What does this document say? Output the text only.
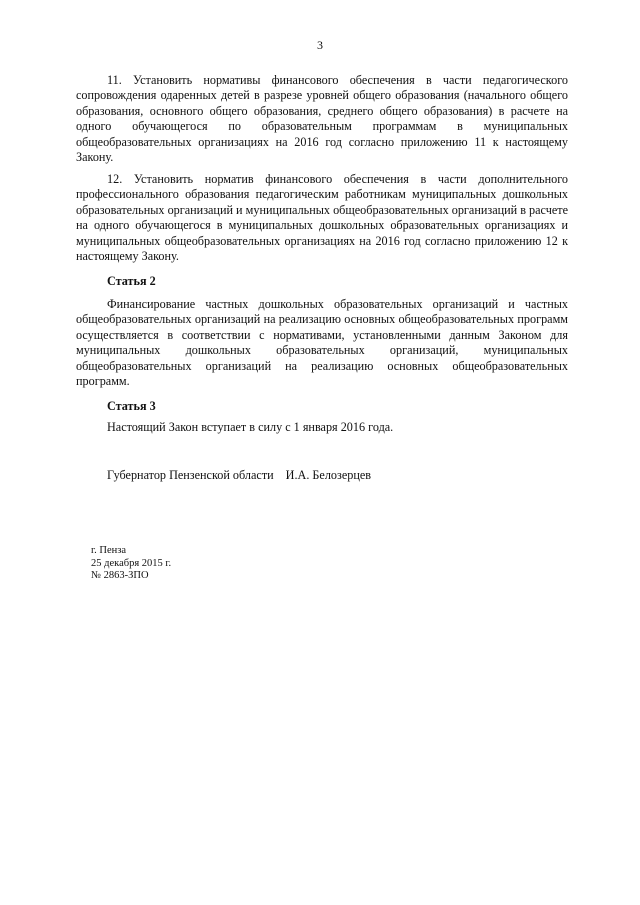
3

11. Установить нормативы финансового обеспечения в части педагогического сопровождения одаренных детей в разрезе уровней общего образования (начального общего образования, основного общего образования, среднего общего образования) в расчете на одного обучающегося по образовательным программам в муниципальных общеобразовательных организациях на 2016 год согласно приложению 11 к настоящему Закону.

12. Установить норматив финансового обеспечения в части дополнительного профессионального образования педагогическим работникам муниципальных дошкольных образовательных организаций и муниципальных общеобразовательных организаций в расчете на одного обучающегося в муниципальных дошкольных образовательных организациях и муниципальных общеобразовательных организациях на 2016 год согласно приложению 12 к настоящему Закону.

Статья 2

Финансирование частных дошкольных образовательных организаций и частных общеобразовательных организаций на реализацию основных общеобразовательных программ осуществляется в соответствии с нормативами, установленными данным Законом для муниципальных дошкольных образовательных организаций, муниципальных общеобразовательных организаций на реализацию основных общеобразовательных программ.

Статья 3

Настоящий Закон вступает в силу с 1 января 2016 года.

Губернатор Пензенской области И.А. Белозерцев
г. Пенза
25 декабря 2015 г.
№ 2863-ЗПО
